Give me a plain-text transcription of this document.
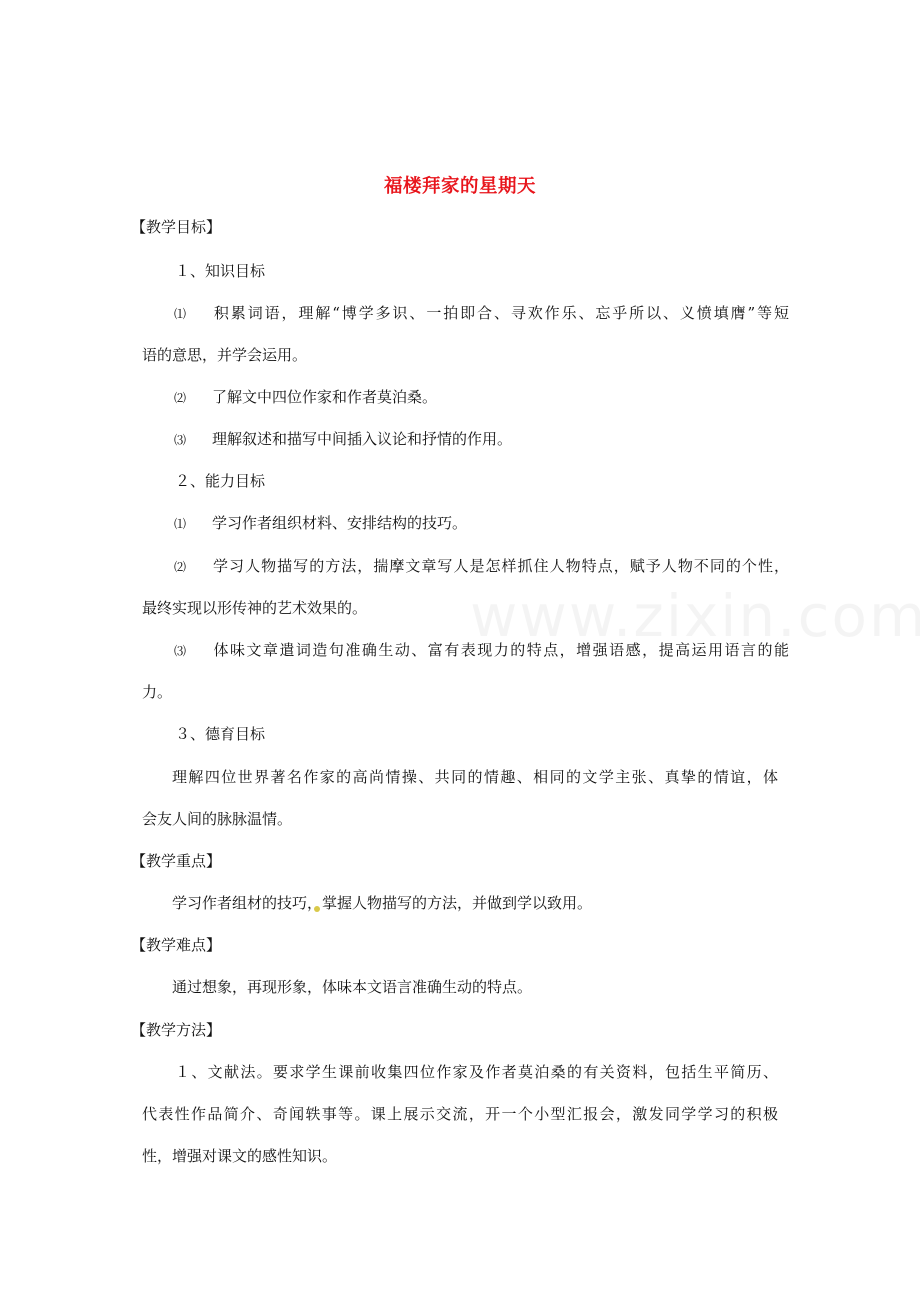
福楼拜家的星期天
【教学目标】
１、知识目标
⑴ 积累词语，理解“博学多识、一拍即合、寻欢作乐、忘乎所以、义愤填膺”等短
语的意思，并学会运用。
⑵ 了解文中四位作家和作者莫泊桑。
⑶ 理解叙述和描写中间插入议论和抒情的作用。
２、能力目标
⑴ 学习作者组织材料、安排结构的技巧。
⑵ 学习人物描写的方法，揣摩文章写人是怎样抓住人物特点，赋予人物不同的个性，
最终实现以形传神的艺术效果的。
⑶ 体味文章遣词造句准确生动、富有表现力的特点，增强语感，提高运用语言的能
力。
３、德育目标
理解四位世界著名作家的高尚情操、共同的情趣、相同的文学主张、真挚的情谊，体
会友人间的脉脉温情。
【教学重点】
学习作者组材的技巧，掌握人物描写的方法，并做到学以致用。
【教学难点】
通过想象，再现形象，体味本文语言准确生动的特点。
【教学方法】
１、文献法。要求学生课前收集四位作家及作者莫泊桑的有关资料，包括生平简历、
代表性作品简介、奇闻轶事等。课上展示交流，开一个小型汇报会，激发同学学习的积极
性，增强对课文的感性知识。
